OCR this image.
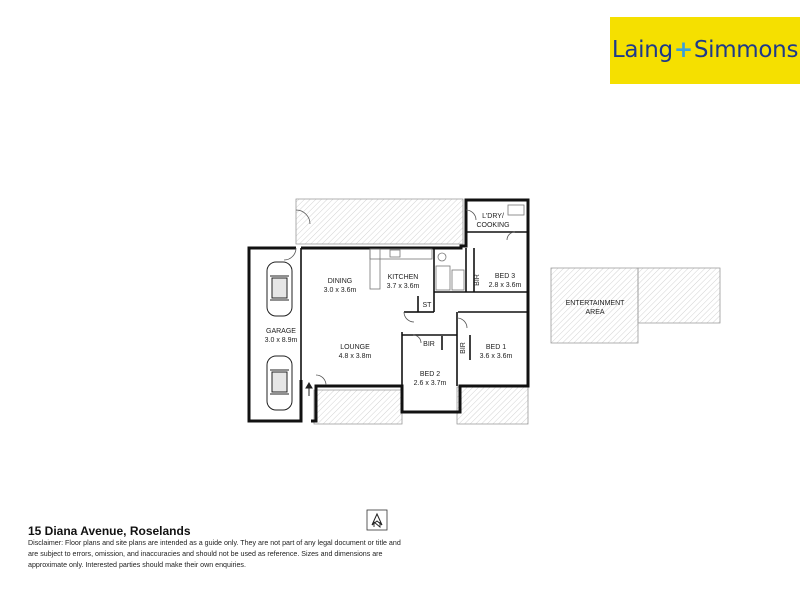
Laing+Simmons
DINING
3.0 x 3.6m
KITCHEN
3.7 x 3.6m
L'DRY/
COOKING
BED 3
2.8 x 3.6m
GARAGE
3.0 x 8.9m
LOUNGE
4.8 x 3.8m
BED 2
2.6 x 3.7m
BED 1
3.6 x 3.6m
ENTERTAINMENT
AREA
ST
BIR	BIR
BIR
15 Diana Avenue, Roselands
Disclaimer: Floor plans and site plans are intended as a guide only. They are not part of any legal document or title and are subject to errors, omission, and inaccuracies and should not be used as reference. Sizes and dimensions are approximate only. Interested parties should make their own enquiries.
